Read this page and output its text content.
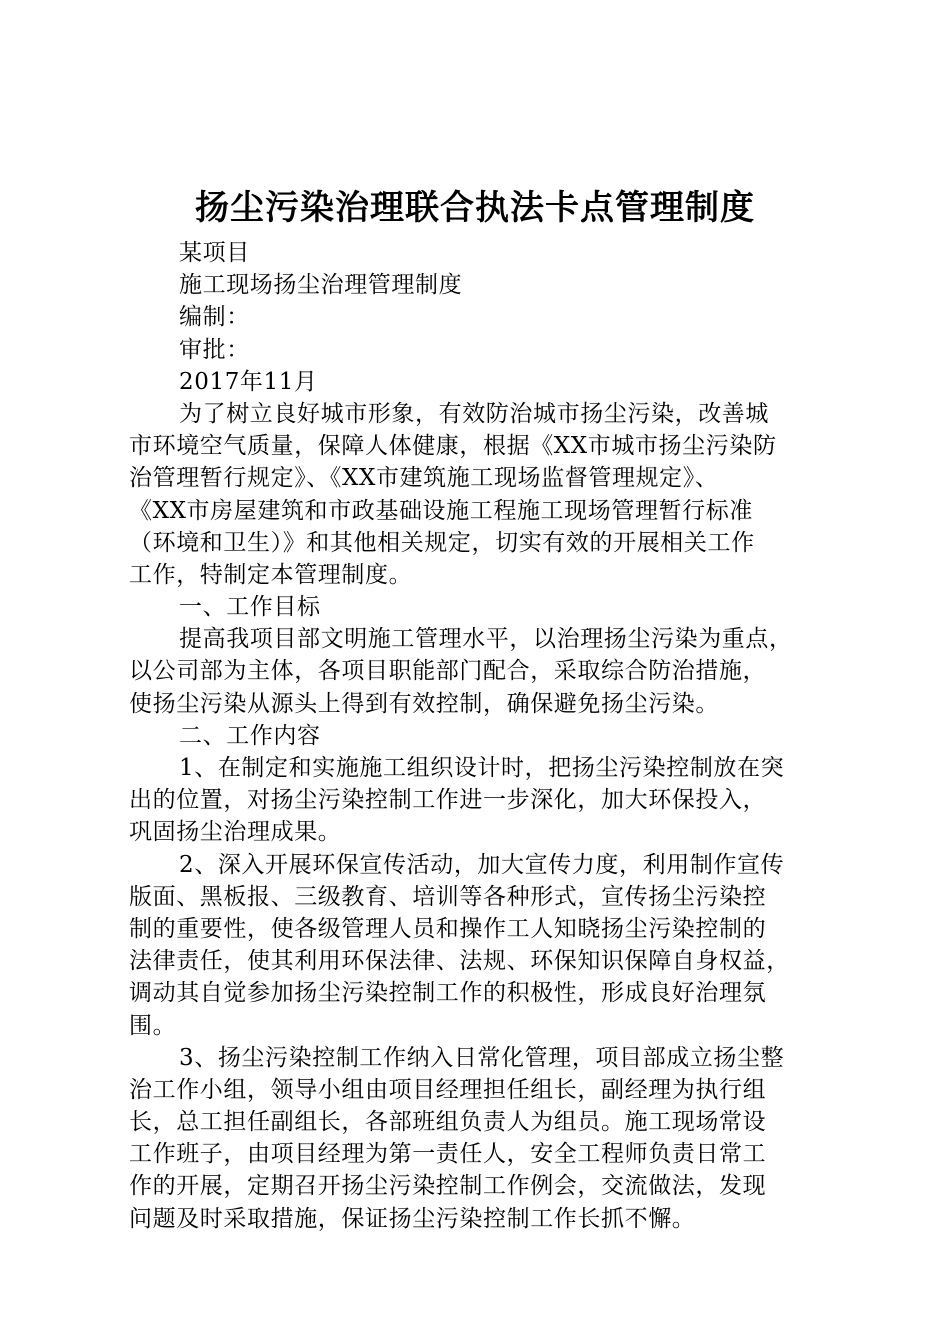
扬尘污染治理联合执法卡点管理制度
某项目
施工现场扬尘治理管理制度
编制：
审批：
2017年11月
为了树立良好城市形象，有效防治城市扬尘污染，改善城
市环境空气质量，保障人体健康，根据《XX市城市扬尘污染防
治管理暂行规定》、《XX市建筑施工现场监督管理规定》、
《XX市房屋建筑和市政基础设施工程施工现场管理暂行标准
（环境和卫生）》和其他相关规定，切实有效的开展相关工作
工作，特制定本管理制度。
一、工作目标
提高我项目部文明施工管理水平，以治理扬尘污染为重点，
以公司部为主体，各项目职能部门配合，采取综合防治措施，
使扬尘污染从源头上得到有效控制，确保避免扬尘污染。
二、工作内容
1、在制定和实施施工组织设计时，把扬尘污染控制放在突
出的位置，对扬尘污染控制工作进一步深化，加大环保投入，
巩固扬尘治理成果。
2、深入开展环保宣传活动，加大宣传力度，利用制作宣传
版面、黑板报、三级教育、培训等各种形式，宣传扬尘污染控
制的重要性，使各级管理人员和操作工人知晓扬尘污染控制的
法律责任，使其利用环保法律、法规、环保知识保障自身权益，
调动其自觉参加扬尘污染控制工作的积极性，形成良好治理氛
围。
3、扬尘污染控制工作纳入日常化管理，项目部成立扬尘整
治工作小组，领导小组由项目经理担任组长，副经理为执行组
长，总工担任副组长，各部班组负责人为组员。施工现场常设
工作班子，由项目经理为第一责任人，安全工程师负责日常工
作的开展，定期召开扬尘污染控制工作例会，交流做法，发现
问题及时采取措施，保证扬尘污染控制工作长抓不懈。
